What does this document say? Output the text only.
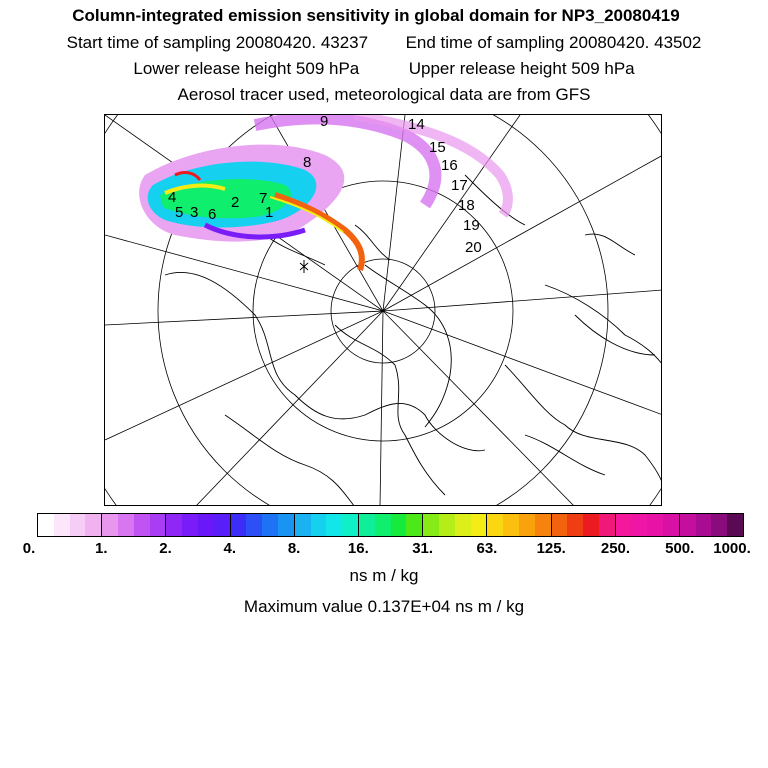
Column-integrated emission sensitivity in global domain for NP3_20080419
Start time of sampling 20080420. 43237 End time of sampling 20080420. 43502
Lower release height 509 hPa	Upper release height 509 hPa
Aerosol tracer used, meteorological data are from GFS
1
2
3
4
5 6
7
8
9	14
15
16
17
18
19
20
0.	1.	2.	4.	8.	16.	31.	63.	125. 250. 500. 1000.
ns m / kg
Maximum value 0.137E+04 ns m / kg
